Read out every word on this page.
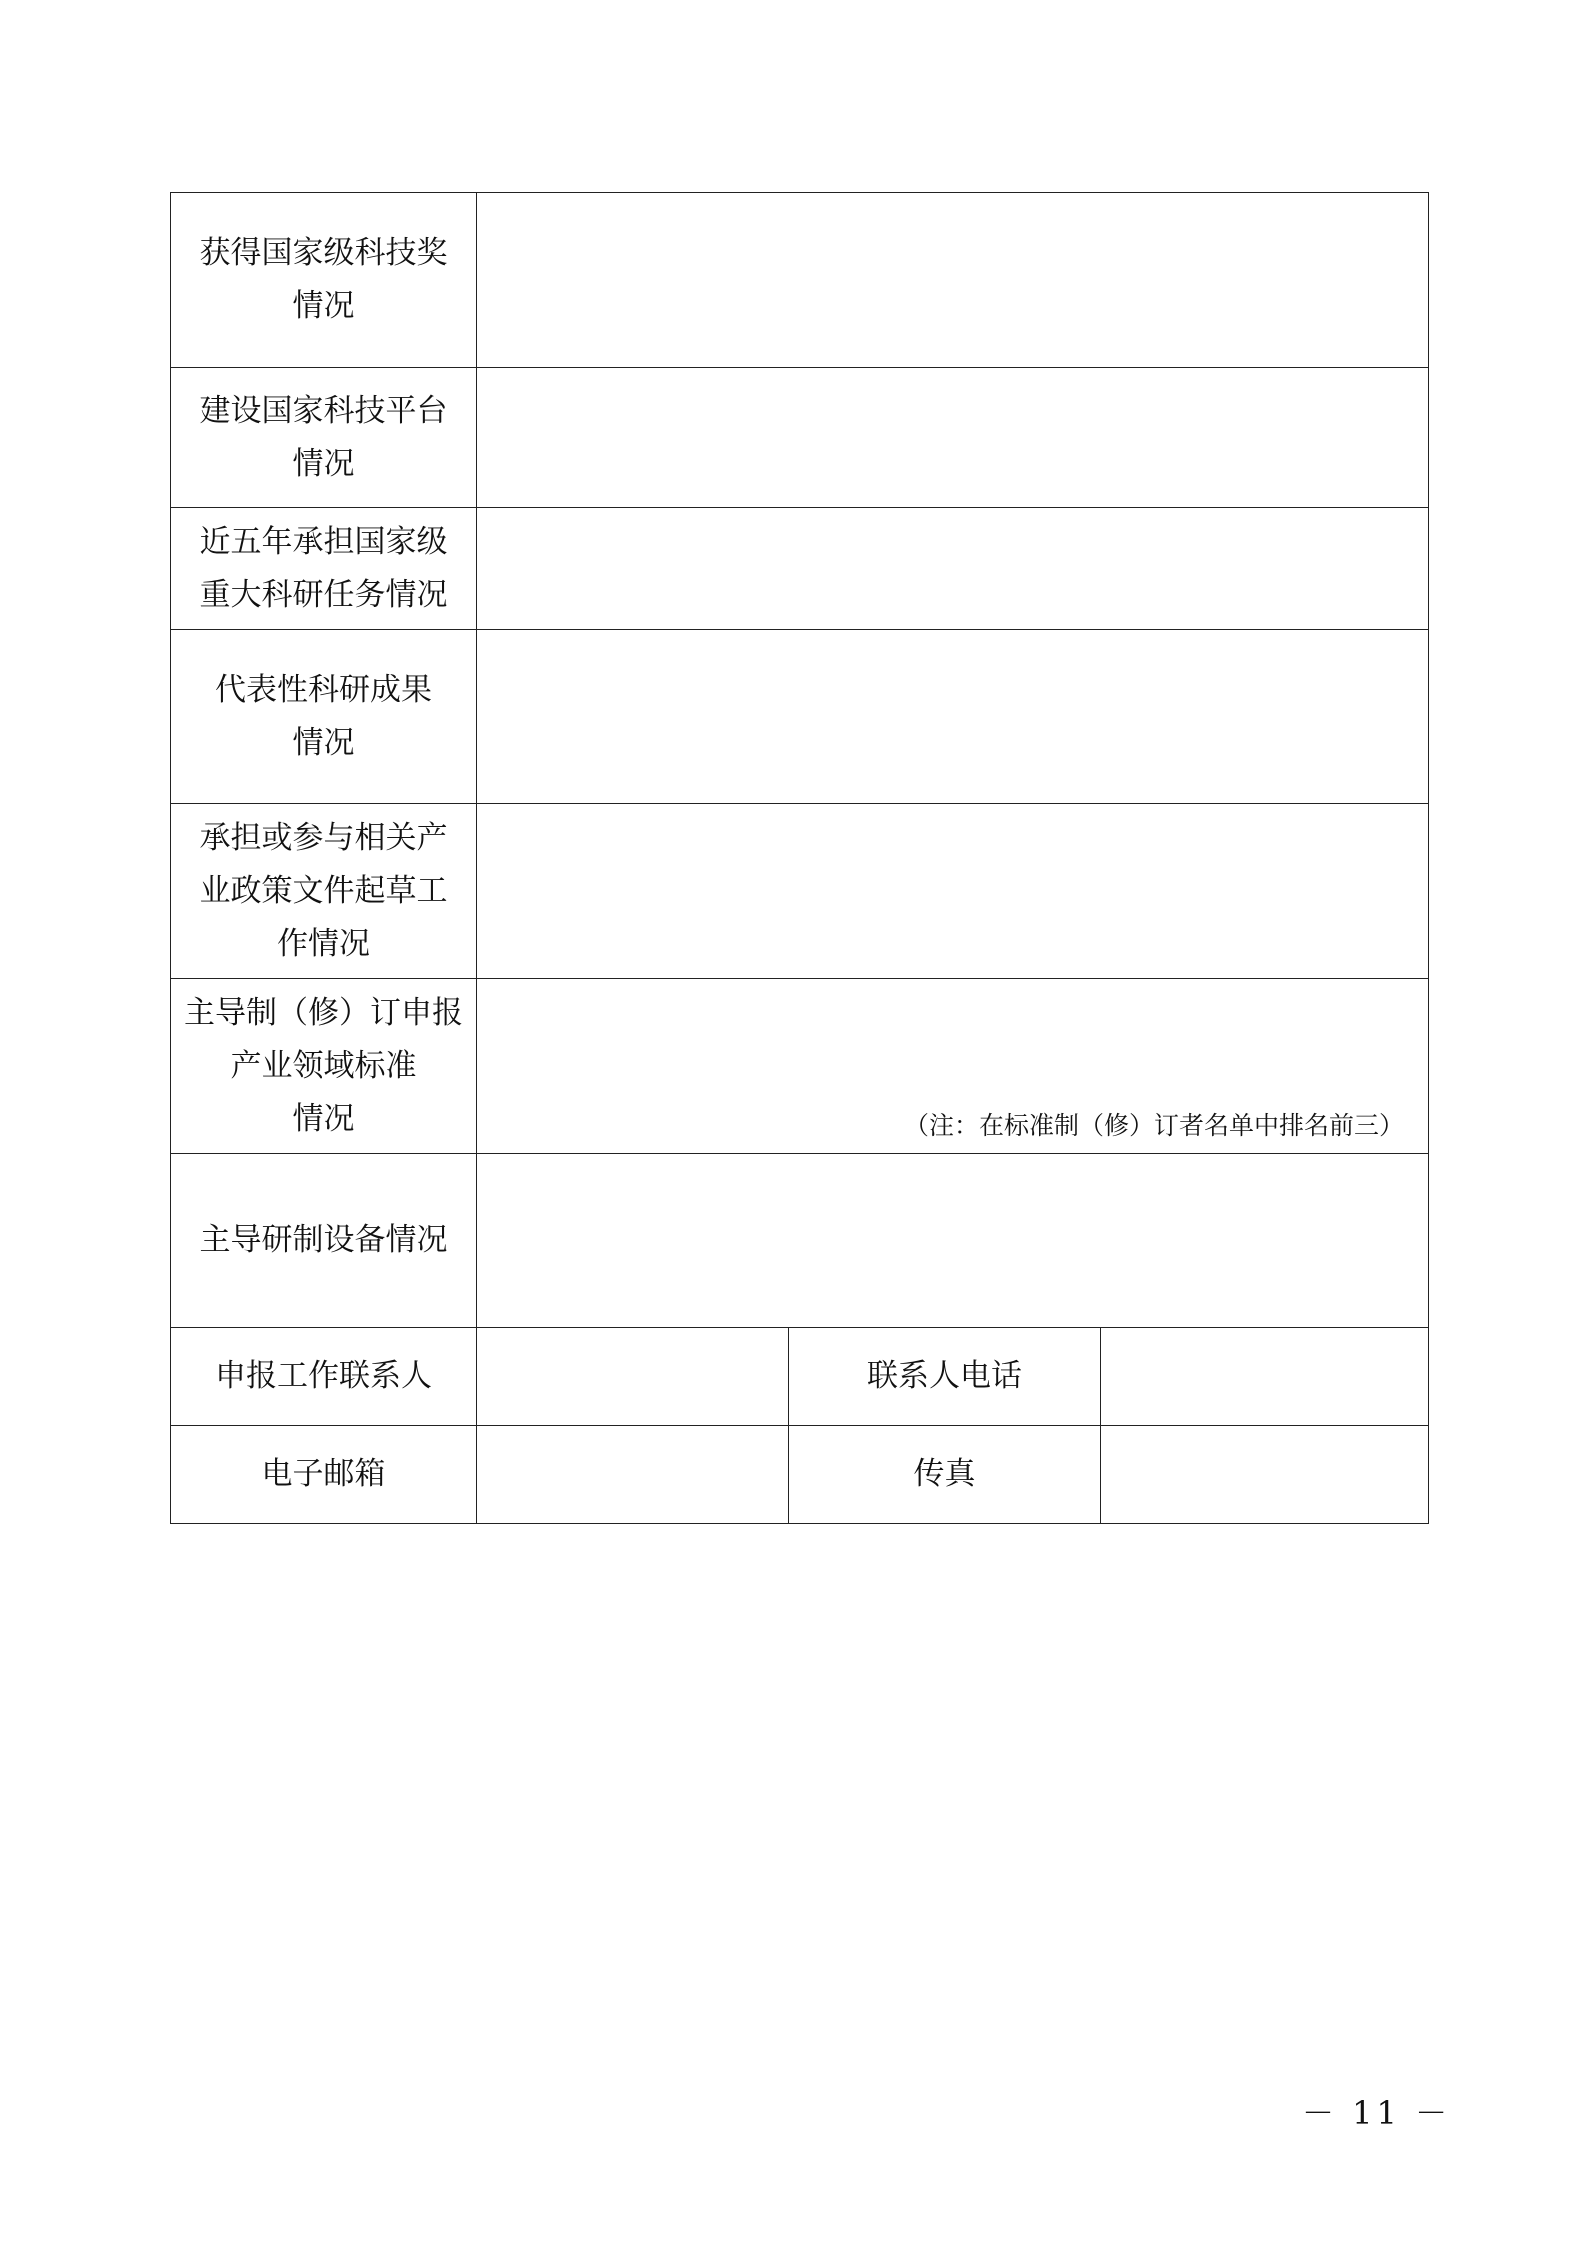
获得国家级科技奖
情况			

建设国家科技平台
情况			

近五年承担国家级
重大科研任务情况			

代表性科研成果
情况			

承担或参与相关产
业政策文件起草工
作情况			

主导制（修）订申报
产业领域标准
情况	（注：在标准制（修）订者名单中排名前三）		

主导研制设备情况			

申报工作联系人		联系人电话	
电子邮箱		传真	
－ 11 －
